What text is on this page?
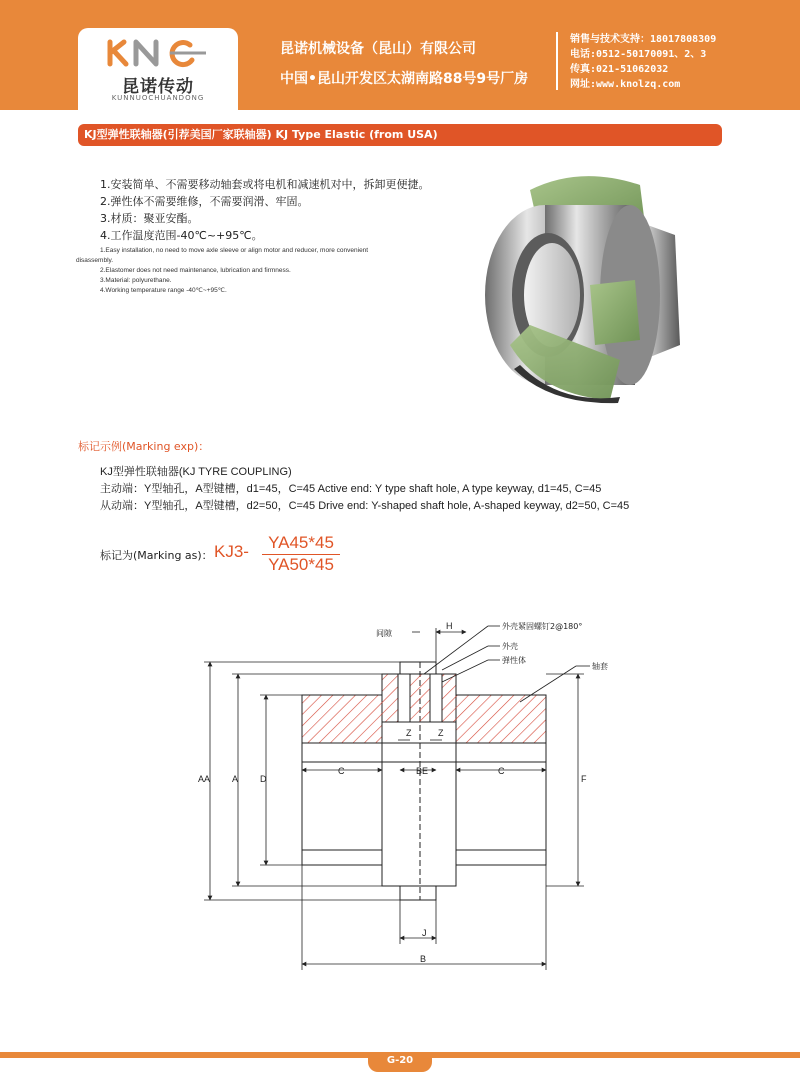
昆诺传动
KUNNUOCHUANDONG
昆诺机械设备（昆山）有限公司
中国•昆山开发区太湖南路88号9号厂房
销售与技术支持：18017808309
电话:0512-50170091、2、3
传真:021-51062032
网址:www.knolzq.com
KJ型弹性联轴器(引荐美国厂家联轴器) KJ Type Elastic (from USA)
1.安装简单、不需要移动轴套或将电机和减速机对中，拆卸更便捷。
2.弹性体不需要维修，不需要润滑、牢固。
3.材质：聚亚安酯。
4.工作温度范围-40℃~+95℃。
1.Easy installation, no need to move axle sleeve or align motor and reducer, more convenient
disassembly.
2.Elastomer does not need maintenance, lubrication and firmness.
3.Material: polyurethane.
4.Working temperature range -40℃~+95℃.
标记示例(Marking exp)：
KJ型弹性联轴器(KJ TYRE COUPLING)
主动端：Y型轴孔，A型键槽，d1=45，C=45 Active end: Y type shaft hole, A type keyway, d1=45, C=45
从动端：Y型轴孔，A型键槽，d2=50，C=45 Drive end: Y-shaped shaft hole, A-shaped keyway, d2=50, C=45
标记为(Marking as)： KJ3-	YA45*45
YA50*45
间隙
H	外壳紧固螺钉2@180°
外壳
弹性体
轴套
Z	Z
C	BE	C
AA A D	F
J
B
G-20
